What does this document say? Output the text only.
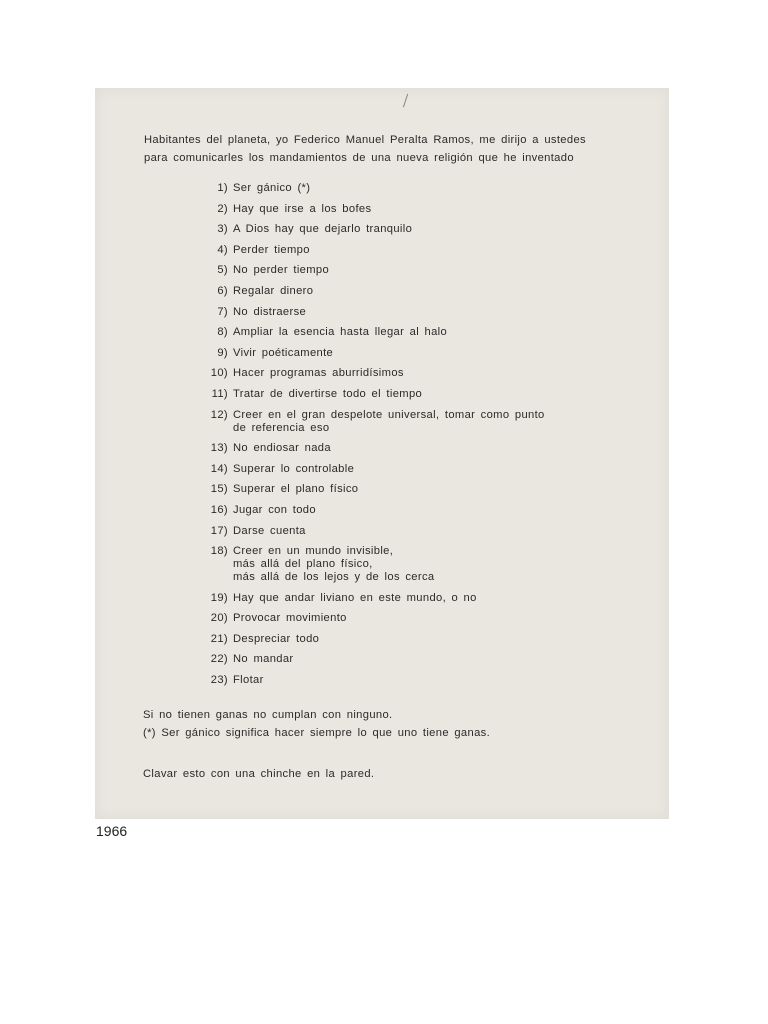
Habitantes del planeta, yo Federico Manuel Peralta Ramos, me dirijo a ustedes
para comunicarles los mandamientos de una nueva religión que he inventado

1) Ser gánico (*)
2) Hay que irse a los bofes
3) A Dios hay que dejarlo tranquilo
4) Perder tiempo
5) No perder tiempo
6) Regalar dinero
7) No distraerse
8) Ampliar la esencia hasta llegar al halo
9) Vivir poéticamente
10) Hacer programas aburridísimos
11) Tratar de divertirse todo el tiempo
12) Creer en el gran despelote universal, tomar como punto
de referencia eso
13) No endiosar nada
14) Superar lo controlable
15) Superar el plano físico
16) Jugar con todo
17) Darse cuenta
18) Creer en un mundo invisible,
más allá del plano físico,
más allá de los lejos y de los cerca
19) Hay que andar liviano en este mundo, o no
20) Provocar movimiento
21) Despreciar todo
22) No mandar
23) Flotar

Si no tienen ganas no cumplan con ninguno.
(*) Ser gánico significa hacer siempre lo que uno tiene ganas.

Clavar esto con una chinche en la pared.

1966
